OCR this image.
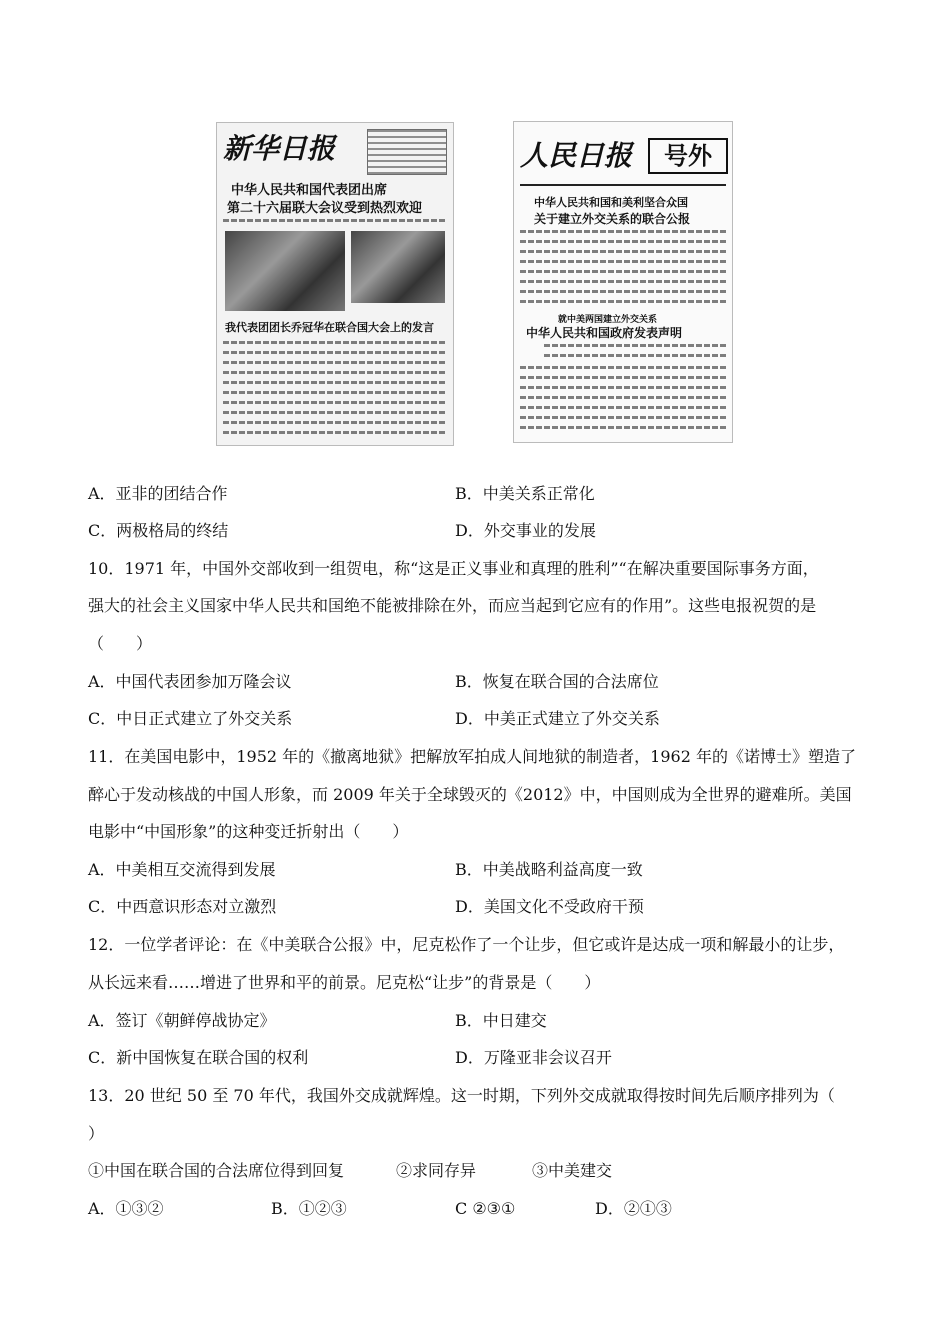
新华日报
中华人民共和国代表团出席
第二十六届联大会议受到热烈欢迎
我代表团团长乔冠华在联合国大会上的发言
人民日报	号外
中华人民共和国和美利坚合众国
关于建立外交关系的联合公报
就中美两国建立外交关系
中华人民共和国政府发表声明
A．亚非的团结合作	B．中美关系正常化
C．两极格局的终结	D．外交事业的发展
10．1971 年，中国外交部收到一组贺电，称“这是正义事业和真理的胜利”“在解决重要国际事务方面，
强大的社会主义国家中华人民共和国绝不能被排除在外，而应当起到它应有的作用”。这些电报祝贺的是
（　　）
A．中国代表团参加万隆会议	B．恢复在联合国的合法席位
C．中日正式建立了外交关系	D．中美正式建立了外交关系
11．在美国电影中，1952 年的《撤离地狱》把解放军拍成人间地狱的制造者，1962 年的《诺博士》塑造了
醉心于发动核战的中国人形象，而 2009 年关于全球毁灭的《2012》中，中国则成为全世界的避难所。美国
电影中“中国形象”的这种变迁折射出（　　）
A．中美相互交流得到发展	B．中美战略利益高度一致
C．中西意识形态对立激烈	D．美国文化不受政府干预
12．一位学者评论：在《中美联合公报》中，尼克松作了一个让步，但它或许是达成一项和解最小的让步，
从长远来看……增进了世界和平的前景。尼克松“让步”的背景是（　　）
A．签订《朝鲜停战协定》	B．中日建交
C．新中国恢复在联合国的权利	D．万隆亚非会议召开
13．20 世纪 50 至 70 年代，我国外交成就辉煌。这一时期，下列外交成就取得按时间先后顺序排列为（
）
①中国在联合国的合法席位得到回复	②求同存异	③中美建交
A．①③②	B．①②③	C ②③①	D．②①③
